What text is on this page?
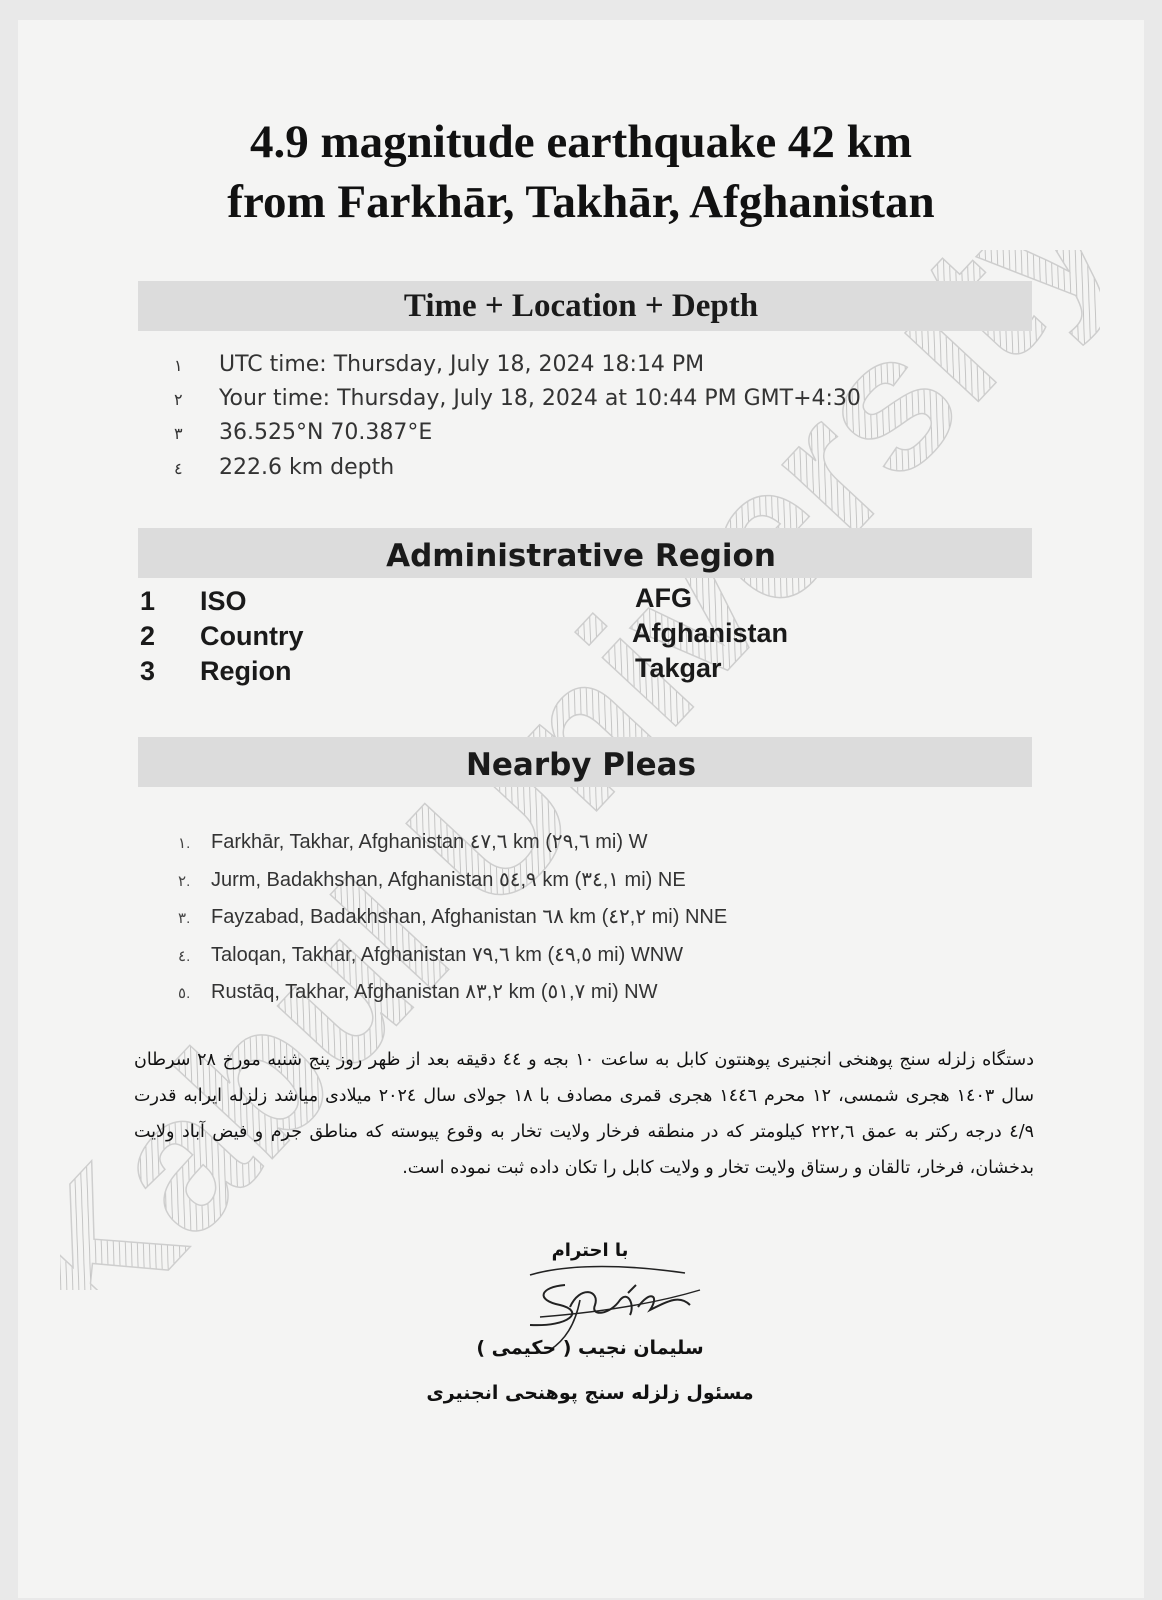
Kabul University
4.9 magnitude earthquake 42 km
from Farkhār, Takhār, Afghanistan
Time + Location + Depth
١ UTC time: Thursday, July 18, 2024 18:14 PM
٢ Your time: Thursday, July 18, 2024 at 10:44 PM GMT+4:30
٣ 36.525°N 70.387°E
٤ 222.6 km depth
Administrative Region
1 ISO	AFG
2 Country	Afghanistan
3 Region	Takgar
Nearby Pleas
١. Farkhār, Takhar, Afghanistan ٤٧,٦ km (٢٩,٦ mi) W
٢. Jurm, Badakhshan, Afghanistan ٥٤,٩ km (٣٤,١ mi) NE
٣. Fayzabad, Badakhshan, Afghanistan ٦٨ km (٤٢,٢ mi) NNE
٤. Taloqan, Takhar, Afghanistan ٧٩,٦ km (٤٩,٥ mi) WNW
٥. Rustāq, Takhar, Afghanistan ٨٣,٢ km (٥١,٧ mi) NW
دستگاه زلزله سنج پوهنخی انجنیری پوهنتون کابل به ساعت ۱۰ بجه و ٤٤ دقیقه بعد از ظهر روز پنج شنبه مورخ ۲۸ سرطان سال ۱٤۰۳ هجری شمسی، ۱۲ محرم ۱٤٤٦ هجری قمری مصادف با ۱۸ جولای سال ۲۰۲٤ میلادی میاشد زلزله ایرابه قدرت ٤/۹ درجه رکتر به عمق ۲۲۲,٦ کیلومتر که در منطقه فرخار ولایت تخار به وقوع پیوسته که مناطق جرم و فیض آباد ولایت بدخشان، فرخار، تالقان و رستاق ولایت تخار و ولایت کابل را تکان داده ثبت نموده است.
با احترام
سلیمان نجیب ( حکیمی )
مسئول زلزله سنج پوهنحی انجنیری
